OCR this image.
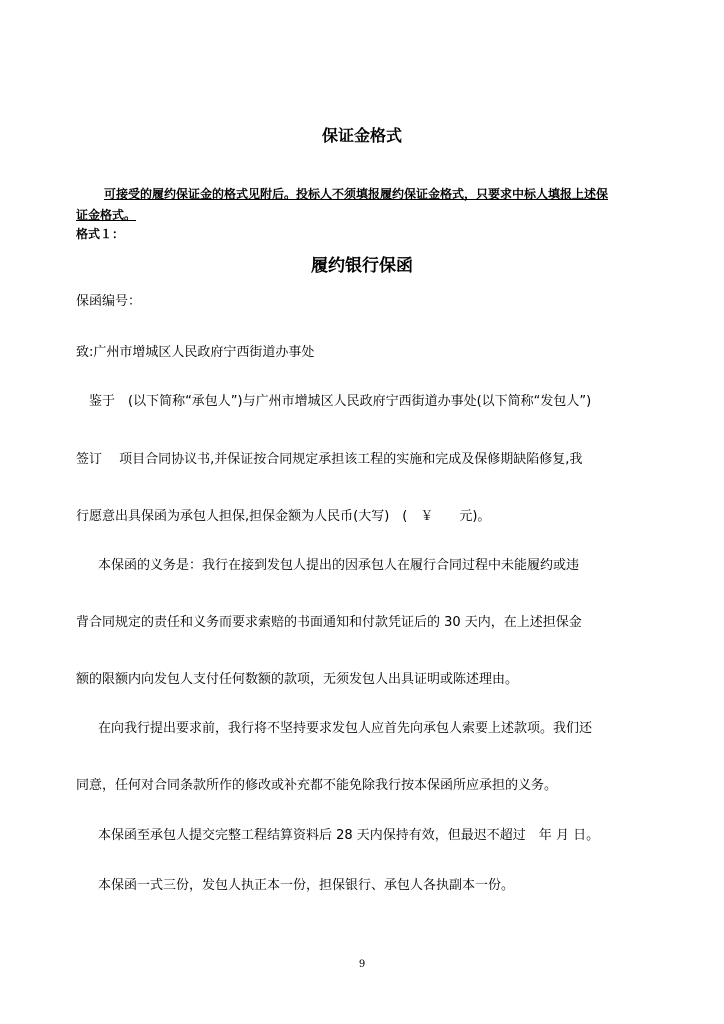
保证金格式
可接受的履约保证金的格式见附后。投标人不须填报履约保证金格式，只要求中标人填报上述保
证金格式。
格式１：
履约银行保函
保函编号：
致:广州市增城区人民政府宁西街道办事处
鉴于　(以下简称“承包人”)与广州市增城区人民政府宁西街道办事处(以下简称“发包人”)
签订　 项目合同协议书,并保证按合同规定承担该工程的实施和完成及保修期缺陷修复,我
行愿意出具保函为承包人担保,担保金额为人民币(大写)　(　￥　　元)。
本保函的义务是：我行在接到发包人提出的因承包人在履行合同过程中未能履约或违
背合同规定的责任和义务而要求索赔的书面通知和付款凭证后的 30 天内，在上述担保金
额的限额内向发包人支付任何数额的款项，无须发包人出具证明或陈述理由。
在向我行提出要求前，我行将不坚持要求发包人应首先向承包人索要上述款项。我们还
同意，任何对合同条款所作的修改或补充都不能免除我行按本保函所应承担的义务。
本保函至承包人提交完整工程结算资料后 28 天内保持有效，但最迟不超过　年 月 日。
本保函一式三份，发包人执正本一份，担保银行、承包人各执副本一份。
9
